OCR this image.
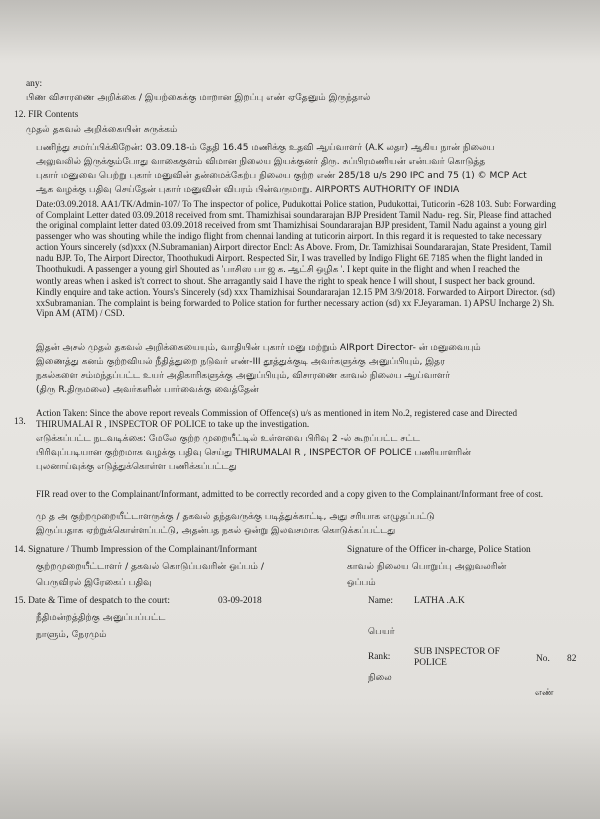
any:
பிண விசாரணை அறிக்கை / இயற்கைக்கு மாறான இறப்பு எண் ஏதேனும் இருந்தால்
12. FIR Contents
முதல் தகவல் அறிக்கையின் சுருக்கம்
பணிந்து சமர்ப்பிக்கிறேன்: 03.09.18-ம் தேதி 16.45 மணிக்கு உதவி ஆய்வாளர் (A.K லதா) ஆகிய நான் நிலைய
அலுவலில் இருக்கும்போது வாகைகுளம் விமான நிலைய இயக்குனர் திரு. சுப்பிரமணியன் என்பவர் கொடுத்த
புகார் மனுவை பெற்று புகார் மனுவின் தன்மைக்கேற்ப நிலைய குற்ற எண் 285/18 u/s 290 IPC and 75 (1) © MCP Act
ஆக வழக்கு பதிவு செய்தேன் புகார் மனுவின் விபரம் பின்வருமாறு. AIRPORTS AUTHORITY OF INDIA
Date:03.09.2018. AA1/TK/Admin-107/ To The inspector of police, Pudukottai Police station, Pudukottai, Tuticorin -628 103. Sub: Forwarding
of Complaint Letter dated 03.09.2018 received from smt. Thamizhisai soundararajan BJP President Tamil Nadu- reg. Sir, Please find attached
the original complaint letter dated 03.09.2018 received from smt Thamizhisai Soundararajan BJP president, Tamil Nadu against a young girl
passenger who was shouting while the indigo flight from chennai landing at tuticorin airport. In this regard it is requested to take necessary
action Yours sincerely (sd)xxx (N.Subramanian) Airport director Encl: As Above. From, Dr. Tamizhisai Soundararajan, State President, Tamil
nadu BJP. To, The Airport Director, Thoothukudi Airport. Respected Sir, I was travelled by Indigo Flight 6E 7185 when the flight landed in
Thoothukudi. A passenger a young girl Shouted as 'பாசிஸ பா ஜ க. ஆட்சி ஒழிக '. I kept quite in the flight and when I reached the
wontly areas when i asked is't correct to shout. She arragantly said I have the right to speak hence I will shout, I suspect her back ground.
Kindly enquire and take action. Yours's Sincerely (sd) xxx Thamizhisai Soundararajan 12.15 PM 3/9/2018. Forwarded to Airport Director. (sd)
xxSubramanian. The complaint is being forwarded to Police station for further necessary action (sd) xx F.Jeyaraman. 1) APSU Incharge 2) Sh.
Vipn AM (ATM) / CSD.
இதன் அசல் முதல் தகவல் அறிக்கையையும், வாதியின் புகார் மனு மற்றும் AIRport Director- ன் மனுவையும்
இணைத்து கனம் குற்றவியல் நீதித்துறை நடுவர் எண்-III தூத்துக்குடி அவர்களுக்கு அனுப்பியும், இதர
நகல்களை சம்மந்தப்பட்ட உயர் அதிகாரிகளுக்கு அனுப்பியும், விசாரணை காவல் நிலைய ஆய்வாளர்
(திரு R.திருமலை) அவர்களின் பார்வைக்கு வைத்தேன்
13.
Action Taken: Since the above report reveals Commission of Offence(s) u/s as mentioned in item No.2, registered case and Directed
THIRUMALAI R , INSPECTOR OF POLICE to take up the investigation.
எடுக்கப்பட்ட நடவடிக்கை: மேலே குற்ற முறையீட்டில் உள்ளவை பிரிவு 2 -ல் கூறப்பட்ட சட்ட
பிரிவுப்படியான குற்றமாக வழக்கு பதிவு செய்து THIRUMALAI R , INSPECTOR OF POLICE பணியாளரின்
புலனாய்வுக்கு எடுத்துக்கொள்ள பணிக்கப்பட்டது
FIR read over to the Complainant/Informant, admitted to be correctly recorded and a copy given to the Complainant/Informant free of cost.
மு த அ குற்றமுறையீட்டாளருக்கு / தகவல் தந்தவருக்கு படித்துக்காட்டி, அது சரியாக எழுதப்பட்டு
இருப்பதாக ஏற்றுக்கொள்ளப்பட்டு, அதன்பத நகல் ஒன்று இலவசமாக கொடுக்கப்பட்டது
14. Signature / Thumb Impression of the Complainant/Informant
குற்றமுறையீட்டாளர் / தகவல் கொடுப்பவரின் ஒப்பம் /
பெருவிரல் இரேகைப் பதிவு
Signature of the Officer in-charge, Police Station
காவல் நிலைய பொறுப்பு அலுவலரின்
ஒப்பம்
15. Date & Time of despatch to the court:	03-09-2018
நீதிமன்றத்திற்கு அனுப்பப்பட்ட
நாளும், நேரமும்
Name: LATHA .A.K
பெயர்
Rank:	SUB INSPECTOR OF
POLICE	No. 82
நிலை
எண்
